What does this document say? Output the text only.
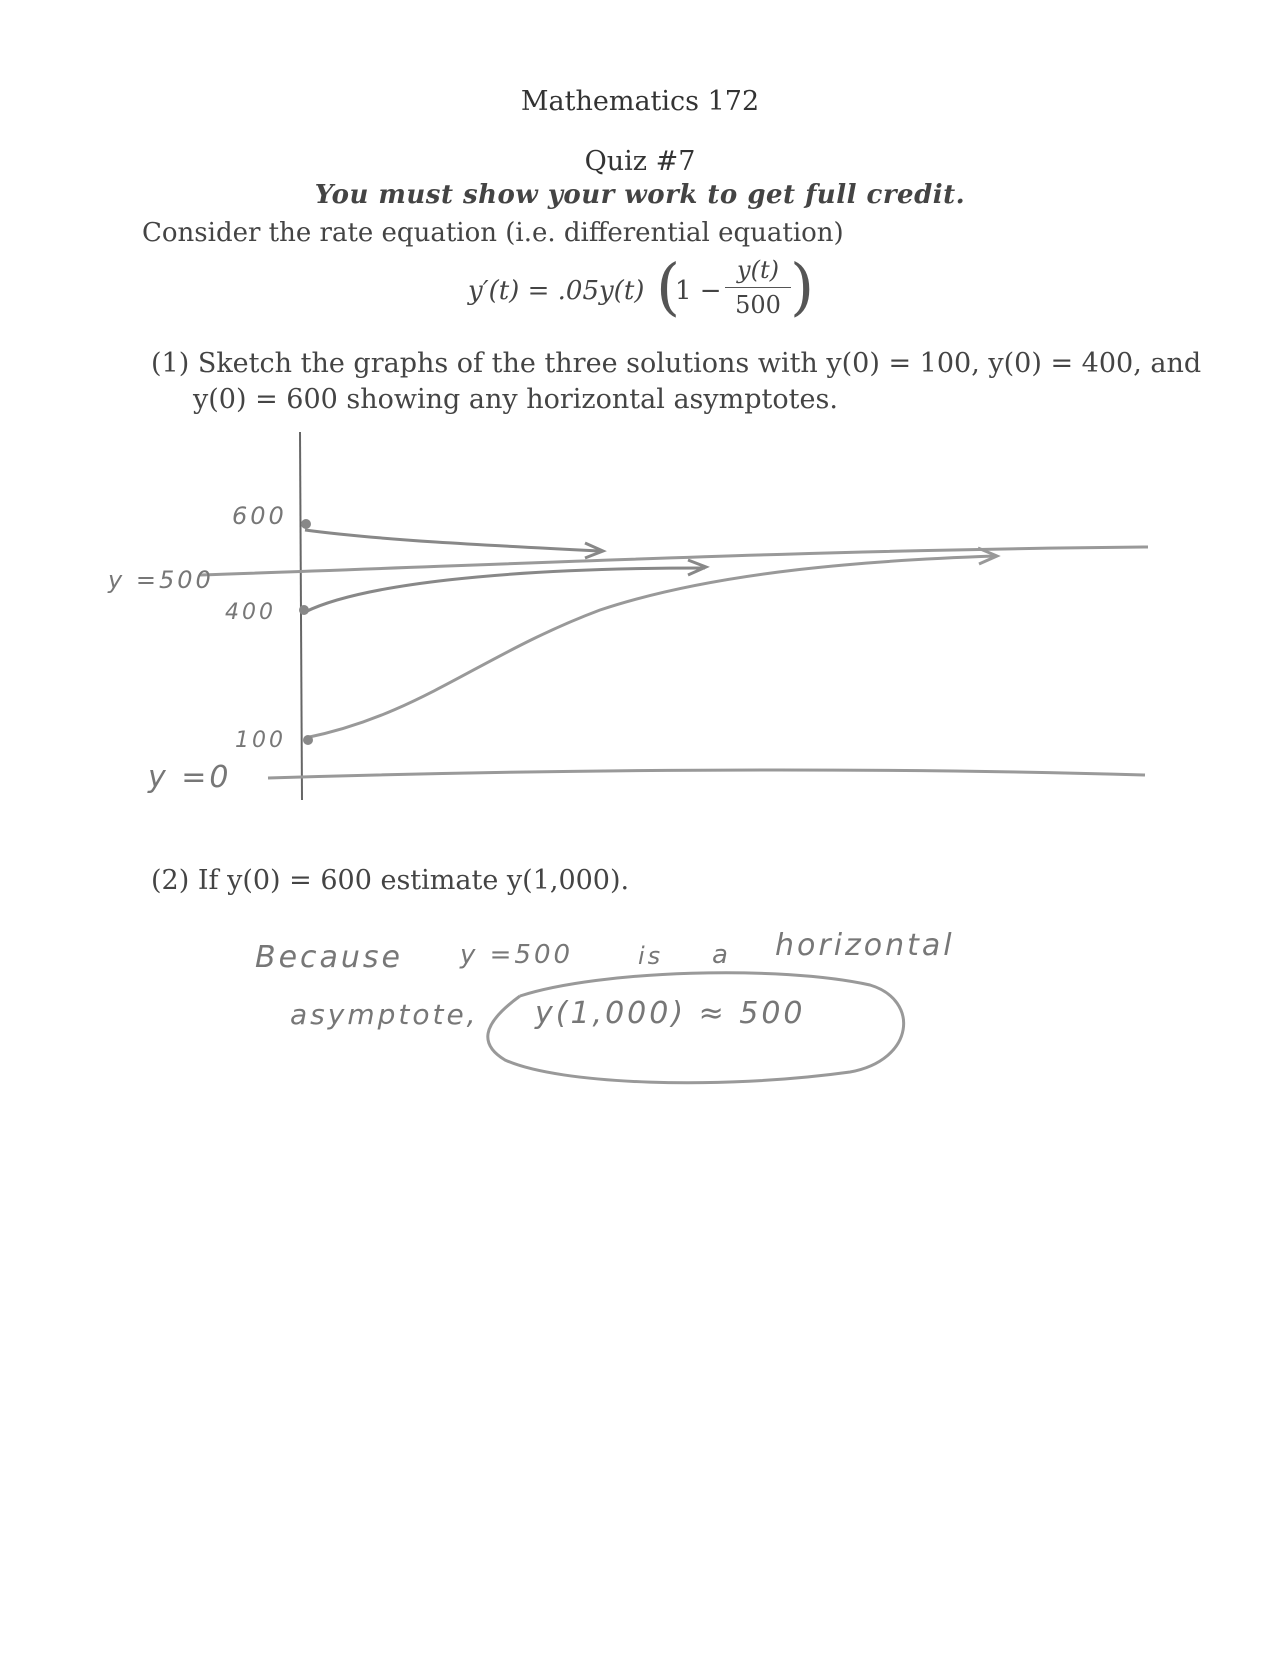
Mathematics 172
Quiz #7
You must show your work to get full credit.
Consider the rate equation (i.e. differential equation)
y′(t) = .05y(t) (
1 −
y(t)
500 )
(1) Sketch the graphs of the three solutions with y(0) = 100, y(0) = 400, and
y(0) = 600 showing any horizontal asymptotes.
600
400
100
y =500
y =0
(2) If y(0) = 600 estimate y(1,000).
Because y =500	is a horizontal
asymptote, y(1,000) ≈ 500
